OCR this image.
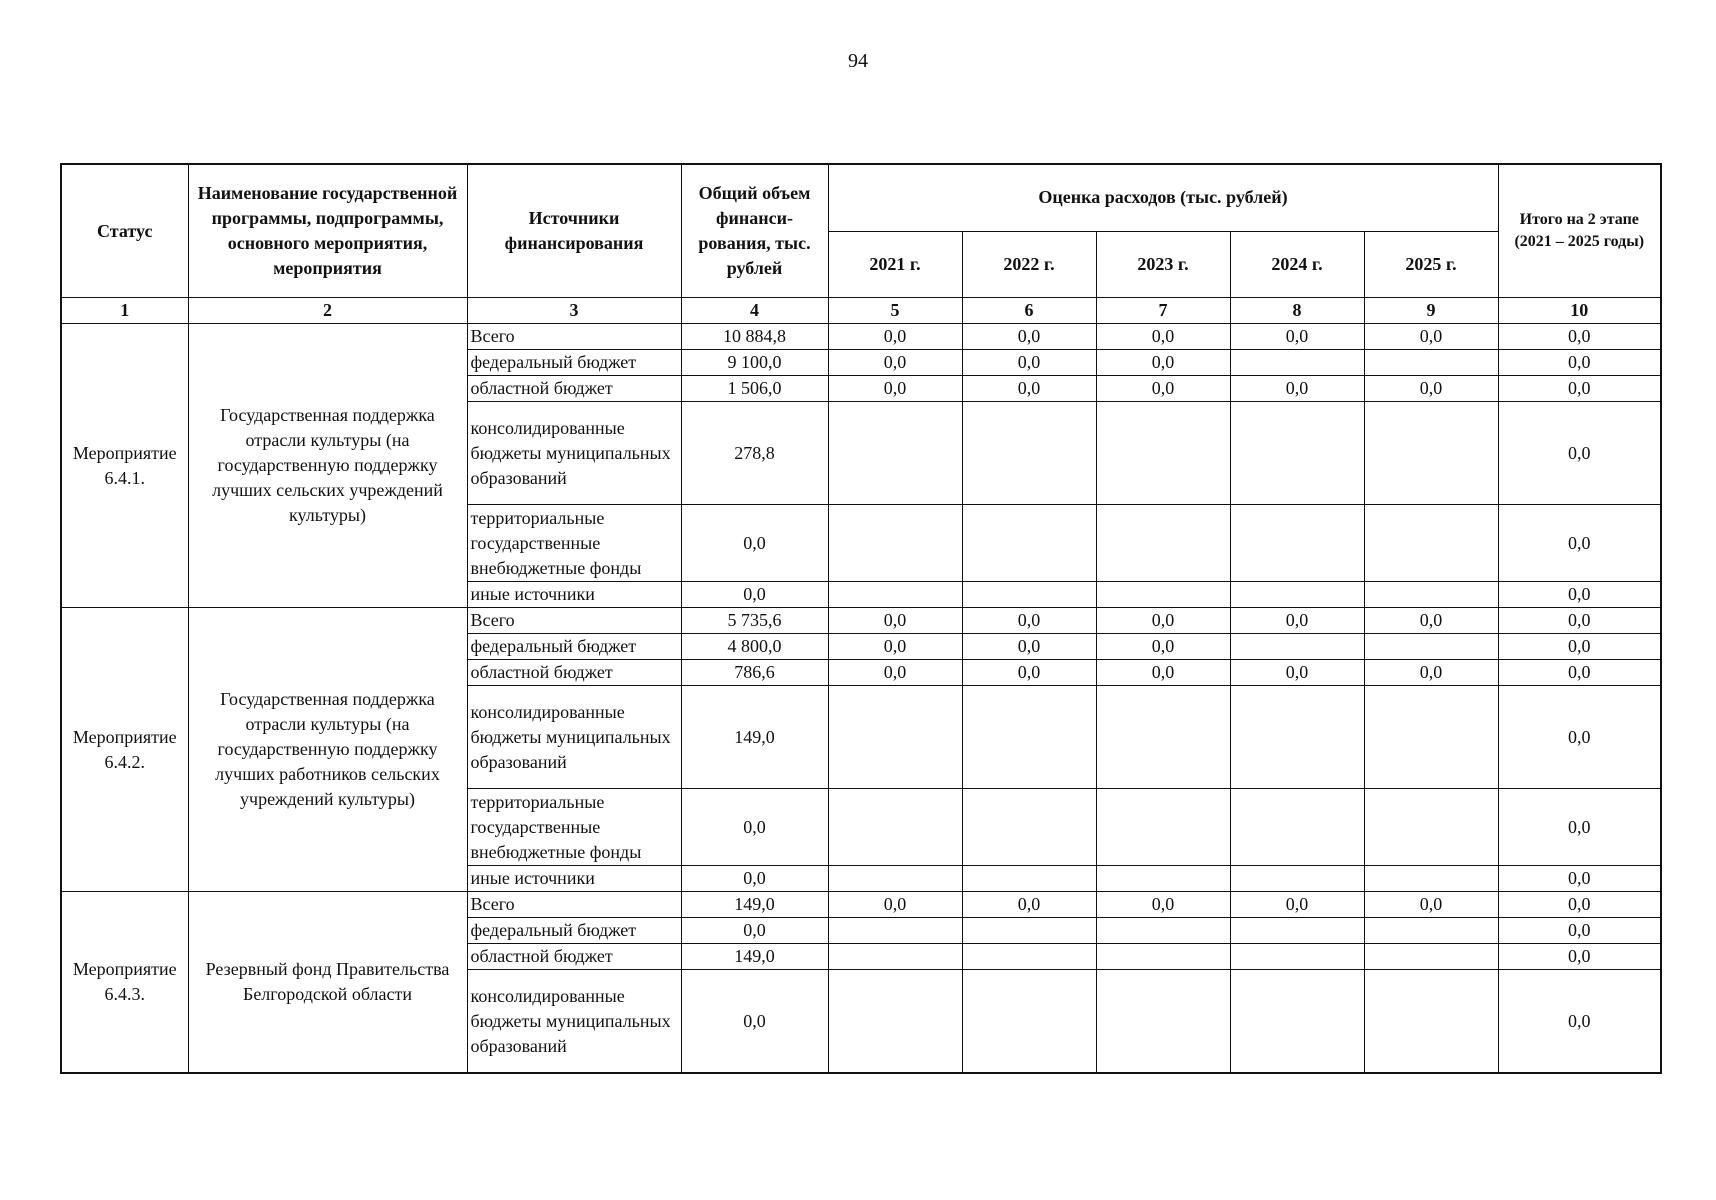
94
Статус	Наименование государственной программы, подпрограммы, основного мероприятия, мероприятия	Источники финансирования	Общий объем финанси-рования, тыс. рублей	Оценка расходов (тыс. рублей)					Итого на 2 этапе (2021 – 2025 годы)
				2021 г.	2022 г.	2023 г.	2024 г.	2025 г.	
1	2	3	4	5	6	7	8	9	10
Мероприятие 6.4.1.	Государственная поддержка отрасли культуры (на государственную поддержку лучших сельских учреждений культуры)	Всего	10 884,8	0,0	0,0	0,0	0,0	0,0	0,0
		федеральный бюджет	9 100,0	0,0	0,0	0,0			0,0
		областной бюджет	1 506,0	0,0	0,0	0,0	0,0	0,0	0,0
		консолидированные бюджеты муниципальных образований	278,8						0,0
		территориальные государственные внебюджетные фонды	0,0						0,0
		иные источники	0,0						0,0
Мероприятие 6.4.2.	Государственная поддержка отрасли культуры (на государственную поддержку лучших работников сельских учреждений культуры)	Всего	5 735,6	0,0	0,0	0,0	0,0	0,0	0,0
		федеральный бюджет	4 800,0	0,0	0,0	0,0			0,0
		областной бюджет	786,6	0,0	0,0	0,0	0,0	0,0	0,0
		консолидированные бюджеты муниципальных образований	149,0						0,0
		территориальные государственные внебюджетные фонды	0,0						0,0
		иные источники	0,0						0,0
Мероприятие 6.4.3.	Резервный фонд Правительства Белгородской области	Всего	149,0	0,0	0,0	0,0	0,0	0,0	0,0
		федеральный бюджет	0,0						0,0
		областной бюджет	149,0						0,0
		консолидированные бюджеты муниципальных образований	0,0						0,0
